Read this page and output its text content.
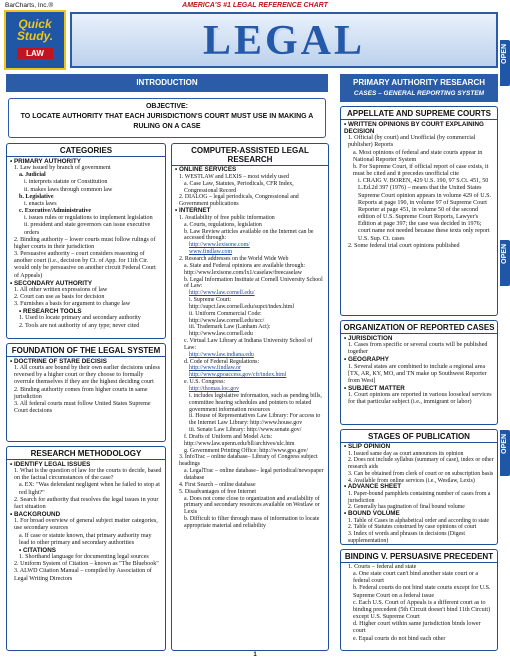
BarCharts, Inc.®	AMERICA'S #1 LEGAL REFERENCE CHART
Quick
Study.
LAW	LEGAL	OPEN
OPEN
OPEN
INTRODUCTION
OBJECTIVE:
TO LOCATE AUTHORITY THAT EACH JURISDICTION'S COURT MUST USE IN MAKING A RULING ON A CASE
CATEGORIES
• PRIMARY AUTHORITY
1. Law issued by branch of government
a. Judicial
i. interprets statute or Constitution
ii. makes laws through common law
b. Legislative
i. enacts laws
c. Executive/Administrative
i. issues rules or regulations to implement legislation
ii. president and state governors can issue executive orders
2. Binding authority – lower courts must follow rulings of higher courts in their jurisdiction
3. Persuasive authority – court considers reasoning of another court (i.e., decision by Ct. of App. for 11th Cir. would only be persuasive on another circuit Federal Court of Appeals)
• SECONDARY AUTHORITY
1. All other written expressions of law
2. Court can use as basis for decision
3. Furnishes a basis for argument to change law
• RESEARCH TOOLS
1. Used to locate primary and secondary authority
2. Tools are not authority of any type; never cited
FOUNDATION OF THE LEGAL SYSTEM
• DOCTRINE OF STARE DECISIS
1. All courts are bound by their own earlier decisions unless reversed by a higher court or they choose to formally overrule themselves if they are the highest deciding court
2. Binding authority comes from higher courts in same jurisdiction
3. All federal courts must follow United States Supreme Court decisions
RESEARCH METHODOLOGY
• IDENTIFY LEGAL ISSUES
1. What is the question of law for the courts to decide, based on the factual circumstances of the case?
a. EX: "Was defendant negligent when he failed to stop at red light?"
2. Search for authority that resolves the legal issues in your fact situation
• BACKGROUND
1. For broad overview of general subject matter categories, use secondary sources
a. If case or statute known, that primary authority may lead to other primary and secondary authorities
• CITATIONS
1. Shorthand language for documenting legal sources
2. Uniform System of Citation – known as "The Bluebook"
3. ALWD Citation Manual – compiled by Association of Legal Writing Directors
COMPUTER-ASSISTED LEGAL RESEARCH
• ONLINE SERVICES
1. WESTLAW and LEXIS – most widely used
a. Case Law, Statutes, Periodicals, CFR Index, Congressional Record
2. DIALOG – legal periodicals, Congressional and Government publications
• INTERNET
1. Availability of free public information
a. Courts, regulations, legislation
b. Law Review articles available on the Internet can be accessed through:
http://www.lexisone.com/
www.findlaw.com
2. Research addresses on the World Wide Web
a. State and Federal opinions are available through: http://www.lexisone.com/lx1/caselaw/freecaselaw
b. Legal Information Institute at Cornell University School of Law:
http://www.law.cornell.edu/
i. Supreme Court: http://supct.law.cornell.edu/supct/index.html
ii. Uniform Commercial Code: http://www.law.cornell.edu/ucc/
iii. Trademark Law (Lanham Act): http://www.law.cornell.edu
c. Virtual Law Library at Indiana University School of Law:
http://www.law.indiana.edu
d. Code of Federal Regulations:
http://www.findlaw.or
http://www.gpoaccess.gov/cfr/index.html
e. U.S. Congress:
http://thomas.loc.gov
i. includes legislative information, such as pending bills, committee hearing schedules and pointers to related government information resources
ii. House of Representatives Law Library: For access to the Internet Law Library: http://www.house.gov
iii. Senate Law Library: http://www.senate.gov/
f. Drafts of Uniform and Model Acts: http://www.law.upenn.edu/bll/archives/ulc.htm
g. Government Printing Office: http://www.gpo.gov/
3. InfoTrac – online database– Library of Congress subject headings
a. LegalTrac – online database– legal periodical/newspaper database
4. First Search – online database
5. Disadvantages of free Internet
a. Does not come close to organization and availability of primary and secondary resources available on Westlaw or Lexis
b. Difficult to filter through mass of information to locate appropriate material and reliability
PRIMARY AUTHORITY RESEARCH
CASES – GENERAL REPORTING SYSTEM
APPELLATE AND SUPREME COURTS
• WRITTEN OPINIONS BY COURT EXPLAINING DECISION
1. Official (by court) and Unofficial (by commercial publisher) Reports
a. Most opinions of federal and state courts appear in National Reporter System
b. For Supreme Court, if official report of case exists, it must be cited and it precedes unofficial cite
i. CRAIG V. BOREN, 429 U.S. 190, 97 S.Ct. 451, 50 L.Ed.2d 397 (1976) – means that the United States Supreme Court opinion appears in volume 429 of U.S. Reports at page 190, in volume 97 of Supreme Court Reporter at page 451, in volume 50 of the second edition of U.S. Supreme Court Reports, Lawyer's Edition at page 397; the case was decided in 1976; court name not needed because these texts only report U.S. Sup. Ct. cases
2. Some federal trial court opinions published
ORGANIZATION OF REPORTED CASES
• JURISDICTION
1. Cases from specific or several courts will be published together
• GEOGRAPHY
1. Several states are combined to include a regional area [TX, AR, KY, MO, and TN make up Southwest Reporter from West]
• SUBJECT MATTER
1. Court opinions are reported in various looseleaf services for that particular subject (i.e., immigrant or labor)
STAGES OF PUBLICATION
• SLIP OPINION
1. Issued same day as court announces its opinion
2. Does not include syllabus (summary of case), index or other research aids
3. Can be obtained from clerk of court or on subscription basis
4. Available from online services (i.e., Westlaw, Lexis)
• ADVANCE SHEET
1. Paper-bound pamphlets containing number of cases from a jurisdiction
2. Generally has pagination of final bound volume
• BOUND VOLUME
1. Table of Cases in alphabetical order and according to state
2. Table of Statutes construed by case opinions of court
3. Index of words and phrases in decisions (Digest supplementation)
BINDING V. PERSUASIVE PRECEDENT
1. Courts – federal and state
a. One state court can't bind another state court or a federal court
b. Federal courts do not bind state courts except for U.S. Supreme Court on a federal issue
c. Each U.S. Court of Appeals is a different court as to binding precedent (5th Circuit doesn't bind 11th Circuit) except U.S. Supreme Court
d. Higher court within same jurisdiction binds lower court
e. Equal courts do not bind each other
1
